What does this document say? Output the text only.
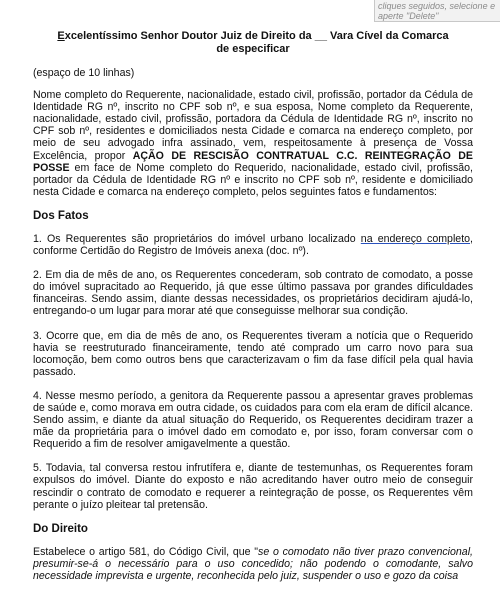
cliques seguidos, selecione e aperte "Delete"
Excelentíssimo Senhor Doutor Juiz de Direito da __ Vara Cível da Comarca
de especificar

(espaço de 10 linhas)

Nome completo do Requerente, nacionalidade, estado civil, profissão, portador da Cédula de Identidade RG nº, inscrito no CPF sob nº, e sua esposa, Nome completo da Requerente, nacionalidade, estado civil, profissão, portadora da Cédula de Identidade RG nº, inscrito no CPF sob nº, residentes e domiciliados nesta Cidade e comarca na endereço completo, por meio de seu advogado infra assinado, vem, respeitosamente à presença de Vossa Excelência, propor AÇÃO DE RESCISÃO CONTRATUAL C.C. REINTEGRAÇÃO DE POSSE em face de Nome completo do Requerido, nacionalidade, estado civil, profissão, portador da Cédula de Identidade RG nº e inscrito no CPF sob nº, residente e domiciliado nesta Cidade e comarca na endereço completo, pelos seguintes fatos e fundamentos:

Dos Fatos

1. Os Requerentes são proprietários do imóvel urbano localizado na endereço completo, conforme Certidão do Registro de Imóveis anexa (doc. nº).

2. Em dia de mês de ano, os Requerentes concederam, sob contrato de comodato, a posse do imóvel supracitado ao Requerido, já que esse último passava por grandes dificuldades financeiras. Sendo assim, diante dessas necessidades, os proprietários decidiram ajudá-lo, entregando-o um lugar para morar até que conseguisse melhorar sua condição.

3. Ocorre que, em dia de mês de ano, os Requerentes tiveram a notícia que o Requerido havia se reestruturado financeiramente, tendo até comprado um carro novo para sua locomoção, bem como outros bens que caracterizavam o fim da fase difícil pela qual havia passado.

4. Nesse mesmo período, a genitora da Requerente passou a apresentar graves problemas de saúde e, como morava em outra cidade, os cuidados para com ela eram de difícil alcance. Sendo assim, e diante da atual situação do Requerido, os Requerentes decidiram trazer a mãe da proprietária para o imóvel dado em comodato e, por isso, foram conversar com o Requerido a fim de resolver amigavelmente a questão.

5. Todavia, tal conversa restou infrutífera e, diante de testemunhas, os Requerentes foram expulsos do imóvel. Diante do exposto e não acreditando haver outro meio de conseguir rescindir o contrato de comodato e requerer a reintegração de posse, os Requerentes vêm perante o juízo pleitear tal pretensão.

Do Direito

Estabelece o artigo 581, do Código Civil, que "se o comodato não tiver prazo convencional, presumir-se-á o necessário para o uso concedido; não podendo o comodante, salvo necessidade imprevista e urgente, reconhecida pelo juiz, suspender o uso e gozo da coisa
